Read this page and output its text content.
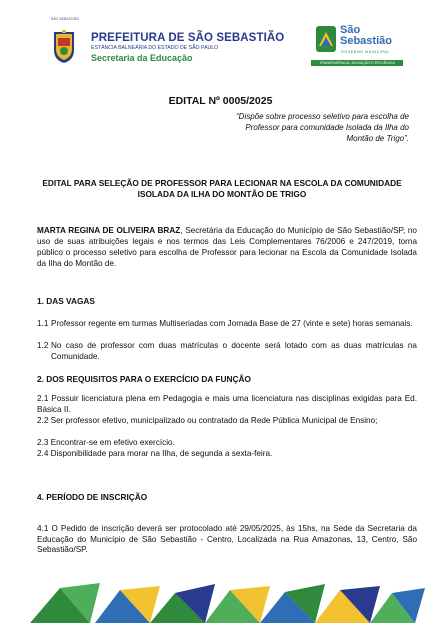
SÃO SEBASTIÃO
PREFEITURA DE SÃO SEBASTIÃO
ESTÂNCIA BALNEÁRIA DO ESTADO DE SÃO PAULO
Secretaria da Educação
São
Sebastião
GOVERNO MUNICIPAL
TRANSPARÊNCIA, INOVAÇÃO E EFICIÊNCIA
EDITAL Nº 0005/2025
“Dispõe sobre processo seletivo para escolha de Professor para comunidade Isolada da Ilha do Montão de Trigo”.
EDITAL PARA SELEÇÃO DE PROFESSOR PARA LECIONAR NA ESCOLA DA COMUNIDADE ISOLADA DA ILHA DO MONTÃO DE TRIGO
MARTA REGINA DE OLIVEIRA BRAZ, Secretária da Educação do Município de São Sebastião/SP, no uso de suas atribuições legais e nos termos das Leis Complementares 76/2006 e 247/2019, torna público o processo seletivo para escolha de Professor para lecionar na Escola da Comunidade Isolada da Ilha do Montão de.
1. DAS VAGAS
1.1 Professor regente em turmas Multiseriadas com Jornada Base de 27 (vinte e sete) horas semanais.
1.2 No caso de professor com duas matrículas o docente será lotado com as duas matrículas na Comunidade.
2. DOS REQUISITOS PARA O EXERCÍCIO DA FUNÇÃO
2.1 Possuir licenciatura plena em Pedagogia e mais uma licenciatura nas disciplinas exigidas para Ed. Básica II.
2.2 Ser professor efetivo, municipalizado ou contratado da Rede Pública Municipal de Ensino;
2.3 Encontrar-se em efetivo exercício.
2.4 Disponibilidade para morar na Ilha, de segunda a sexta-feira.
4. PERÍODO DE INSCRIÇÃO
4.1 O Pedido de inscrição deverá ser protocolado até 29/05/2025, às 15hs, na Sede da Secretaria da Educação do Município de São Sebastião - Centro, Localizada na Rua Amazonas, 13, Centro, São Sebastião/SP.
